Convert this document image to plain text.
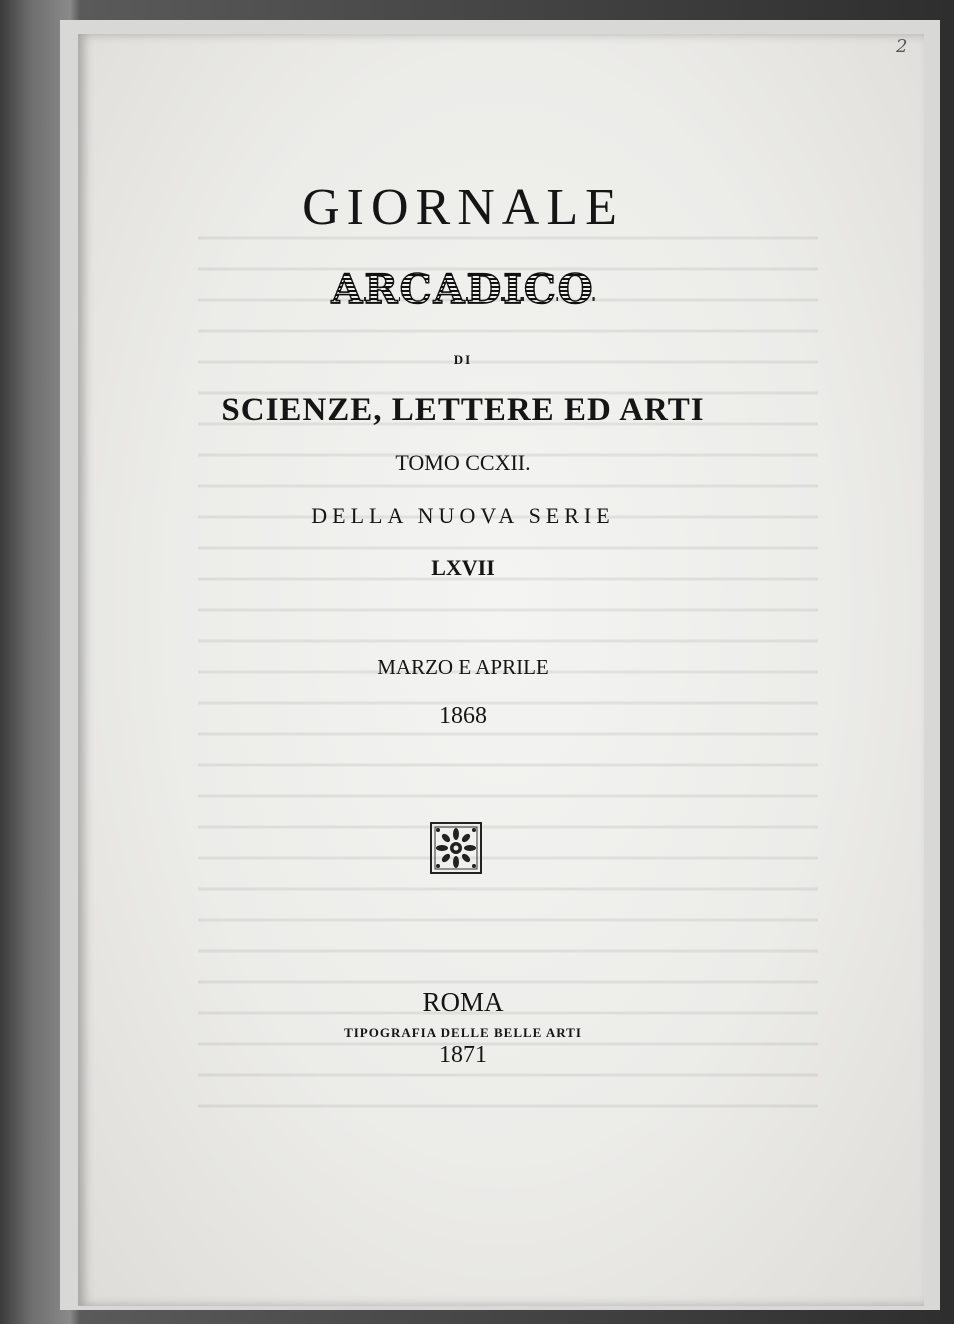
2
GIORNALE
ARCADICO
DI
SCIENZE, LETTERE ED ARTI
TOMO CCXII.
DELLA NUOVA SERIE
LXVII
MARZO E APRILE
1868
ROMA
TIPOGRAFIA DELLE BELLE ARTI
1871
